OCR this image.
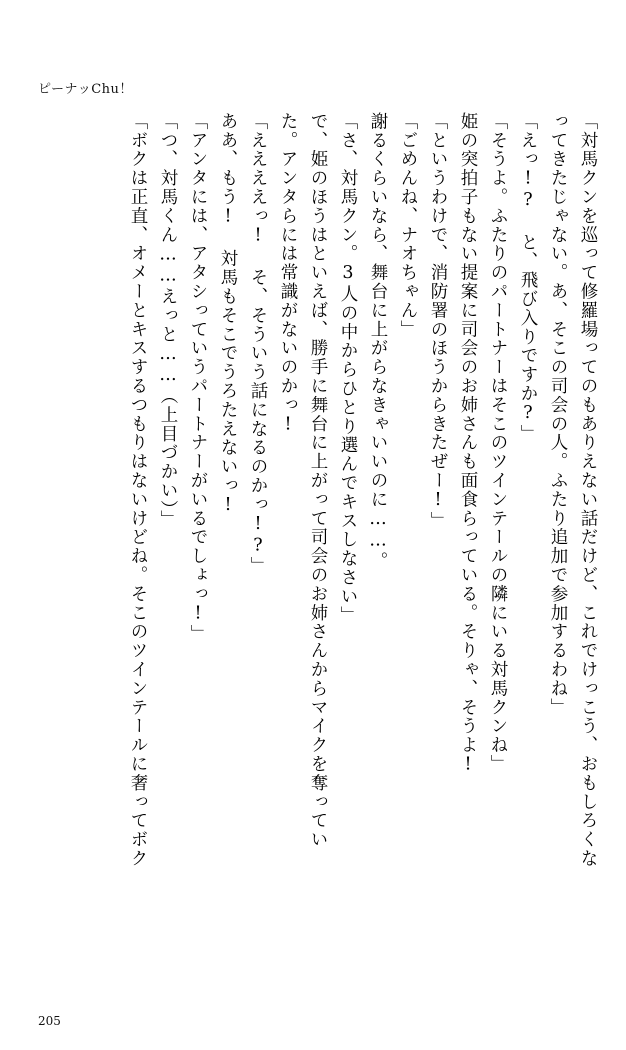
ピーナッChu！
「対馬クンを巡って修羅場ってのもありえない話だけど、これでけっこう、おもしろくな
ってきたじゃない。あ、そこの司会の人。ふたり追加で参加するわね」
「えっ!? と、飛び入りですか?」
「そうよ。ふたりのパートナーはそこのツインテールの隣にいる対馬クンね」
姫の突拍子もない提案に司会のお姉さんも面食らっている。そりゃ、そうよ!
「というわけで、消防署のほうからきたぜー!」
「ごめんね、ナオちゃん」
謝るくらいなら、舞台に上がらなきゃいいのに……。
「さ、対馬クン。3人の中からひとり選んでキスしなさい」
で、姫のほうはといえば、勝手に舞台に上がって司会のお姉さんからマイクを奪ってい
た。アンタらには常識がないのかっ!
「ええええっ! そ、そういう話になるのかっ!?」
ああ、もう! 対馬もそこでうろたえないっ!
「アンタには、アタシっていうパートナーがいるでしょっ!」
「つ、対馬くん……えっと……（上目づかい）」
「ボクは正直、オメーとキスするつもりはないけどね。そこのツインテールに奢ってボク
205
